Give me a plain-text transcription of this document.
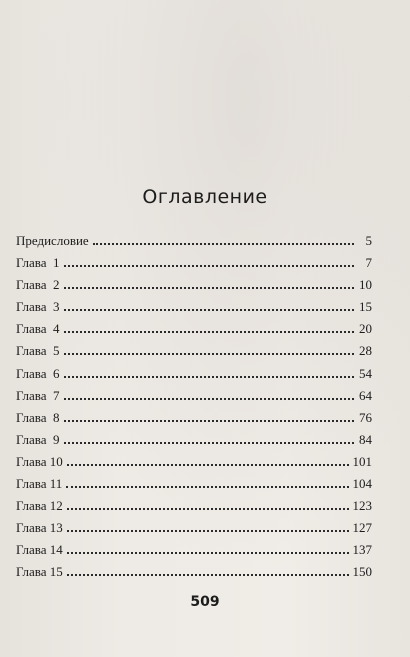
Оглавление
Предисловие	5
Глава  1	7
Глава  2	10
Глава  3	15
Глава  4	20
Глава  5	28
Глава  6	54
Глава  7	64
Глава  8	76
Глава  9	84
Глава 10	101
Глава 11	104
Глава 12	123
Глава 13	127
Глава 14	137
Глава 15	150
509
